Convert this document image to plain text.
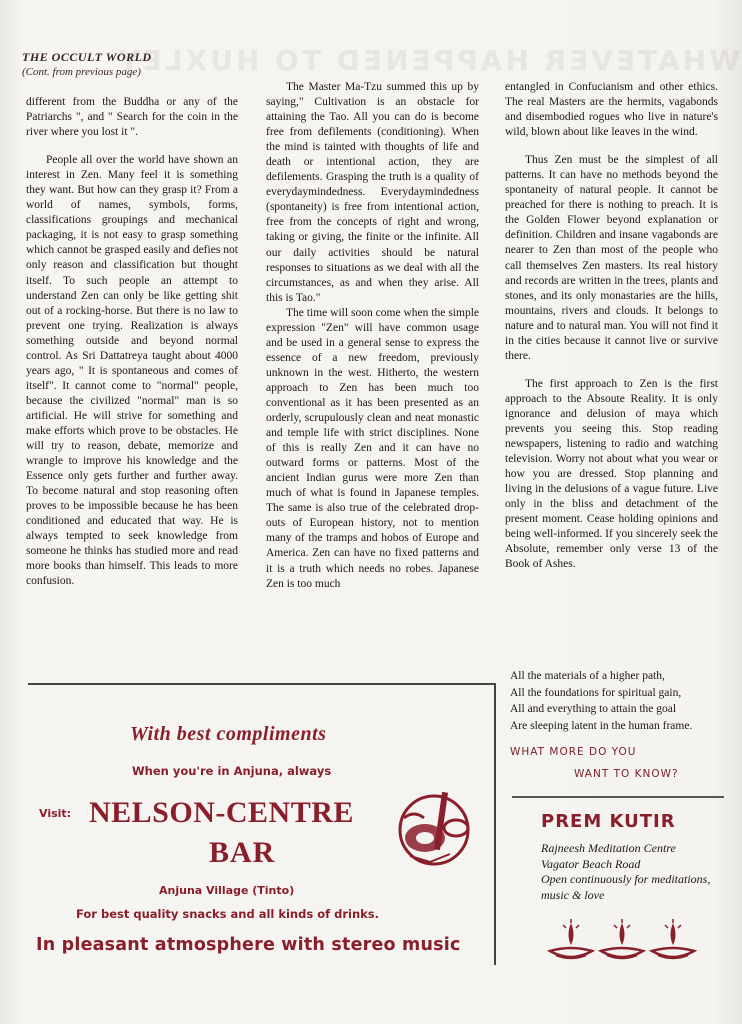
WHATEVER HAPPENED TO HUXLEY
THE OCCULT WORLD
(Cont. from previous page)

different from the Buddha or any of the Patriarchs ", and " Search for the coin in the river where you lost it ".

People all over the world have shown an interest in Zen. Many feel it is something they want. But how can they grasp it? From a world of names, symbols, forms, classifications groupings and mechanical packaging, it is not easy to grasp something which cannot be grasped easily and defies not only reason and classification but thought itself. To such people an attempt to understand Zen can only be like getting shit out of a rocking-horse. But there is no law to prevent one trying. Realization is always something outside and beyond normal control. As Sri Dattatreya taught about 4000 years ago, " It is spontaneous and comes of itself". It cannot come to "normal" people, because the civilized "normal" man is so artificial. He will strive for something and make efforts which prove to be obstacles. He will try to reason, debate, memorize and wrangle to improve his knowledge and the Essence only gets further and further away. To become natural and stop reasoning often proves to be impossible because he has been conditioned and educated that way. He is always tempted to seek knowledge from someone he thinks has studied more and read more books than himself. This leads to more confusion.

The Master Ma-Tzu summed this up by saying," Cultivation is an obstacle for attaining the Tao. All you can do is become free from defilements (conditioning). When the mind is tainted with thoughts of life and death or intentional action, they are defilements. Grasping the truth is a quality of everydaymindedness. Everydaymindedness (spontaneity) is free from intentional action, free from the concepts of right and wrong, taking or giving, the finite or the infinite. All our daily activities should be natural responses to situations as we deal with all the circumstances, as and when they arise. All this is Tao."

The time will soon come when the simple expression "Zen" will have common usage and be used in a general sense to express the essence of a new freedom, previously unknown in the west. Hitherto, the western approach to Zen has been much too conventional as it has been presented as an orderly, scrupulously clean and neat monastic and temple life with strict disciplines. None of this is really Zen and it can have no outward forms or patterns. Most of the ancient Indian gurus were more Zen than much of what is found in Japanese temples. The same is also true of the celebrated drop-outs of European history, not to mention many of the tramps and hobos of Europe and America. Zen can have no fixed patterns and it is a truth which needs no robes. Japanese Zen is too much

entangled in Confucianism and other ethics. The real Masters are the hermits, vagabonds and disembodied rogues who live in nature's wild, blown about like leaves in the wind.

Thus Zen must be the simplest of all patterns. It can have no methods beyond the spontaneity of natural people. It cannot be preached for there is nothing to preach. It is the Golden Flower beyond explanation or definition. Children and insane vagabonds are nearer to Zen than most of the people who call themselves Zen masters. Its real history and records are written in the trees, plants and stones, and its only monastaries are the hills, mountains, rivers and clouds. It belongs to nature and to natural man. You will not find it in the cities because it cannot live or survive there.

The first approach to Zen is the first approach to the Absoute Reality. It is only ignorance and delusion of maya which prevents you seeing this. Stop reading newspapers, listening to radio and watching television. Worry not about what you wear or how you are dressed. Stop planning and living in the delusions of a vague future. Live only in the bliss and detachment of the present moment. Cease holding opinions and being well-informed. If you sincerely seek the Absolute, remember only verse 13 of the Book of Ashes.

All the materials of a higher path,
All the foundations for spiritual gain,
All and everything to attain the goal
Are sleeping latent in the human frame.
WHAT MORE DO YOU
WANT TO KNOW?
With best compliments
When you're in Anjuna, always
Visit: NELSON-CENTRE
BAR
Anjuna Village (Tinto)
For best quality snacks and all kinds of drinks.
In pleasant atmosphere with stereo music
PREM KUTIR
Rajneesh Meditation Centre
Vagator Beach Road
Open continuously for meditations,
music & love
